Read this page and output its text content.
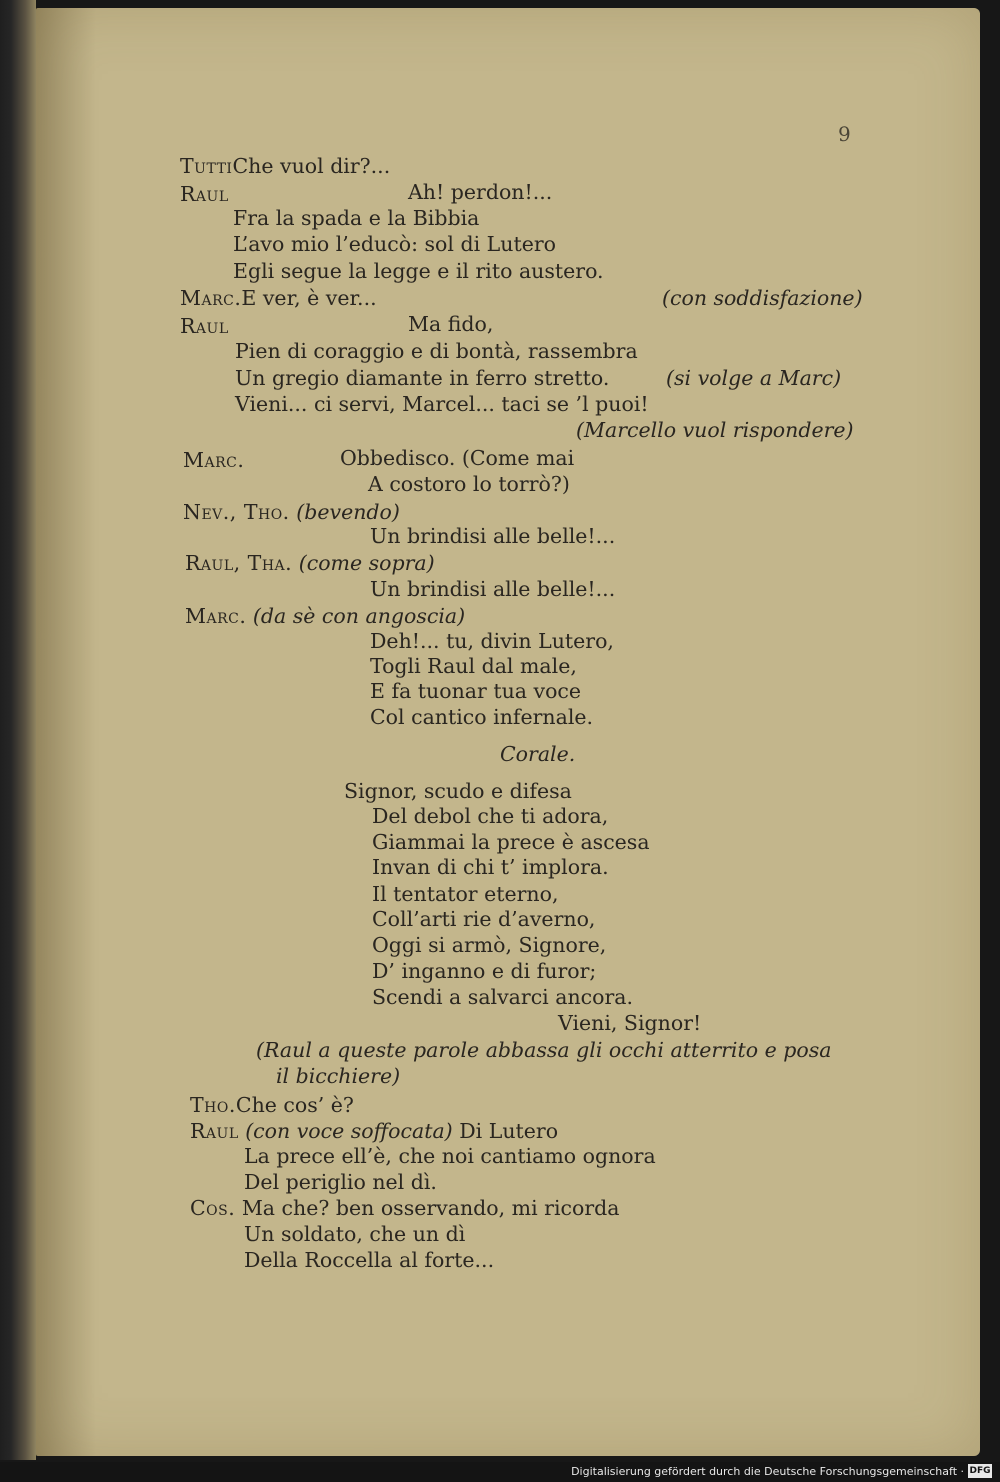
9
TuttiChe vuol dir?...
Raul	Ah! perdon!...
Fra la spada e la Bibbia
L’avo mio l’educò: sol di Lutero
Egli segue la legge e il rito austero.
Marc.E ver, è ver...	(con soddisfazione)
Raul	Ma fido,
Pien di coraggio e di bontà, rassembra
Un gregio diamante in ferro stretto.	(si volge a Marc)
Vieni... ci servi, Marcel... taci se ’l puoi!
(Marcello vuol rispondere)
Marc.	Obbedisco. (Come mai
A costoro lo torrò?)
Nev., Tho. (bevendo)
Un brindisi alle belle!...
Raul, Tha. (come sopra)
Un brindisi alle belle!...
Marc. (da sè con angoscia)
Deh!... tu, divin Lutero,
Togli Raul dal male,
E fa tuonar tua voce
Col cantico infernale.
Corale.
Signor, scudo e difesa
Del debol che ti adora,
Giammai la prece è ascesa
Invan di chi t’ implora.
Il tentator eterno,
Coll’arti rie d’averno,
Oggi si armò, Signore,
D’ inganno e di furor;
Scendi a salvarci ancora.
Vieni, Signor!
(Raul a queste parole abbassa gli occhi atterrito e posa
il bicchiere)
Tho.Che cos’ è?
Raul (con voce soffocata) Di Lutero
La prece ell’è, che noi cantiamo ognora
Del periglio nel dì.
Cos. Ma che? ben osservando, mi ricorda
Un soldato, che un dì
Della Roccella al forte...
Digitalisierung gefördert durch die Deutsche Forschungsgemeinschaft · DFG
